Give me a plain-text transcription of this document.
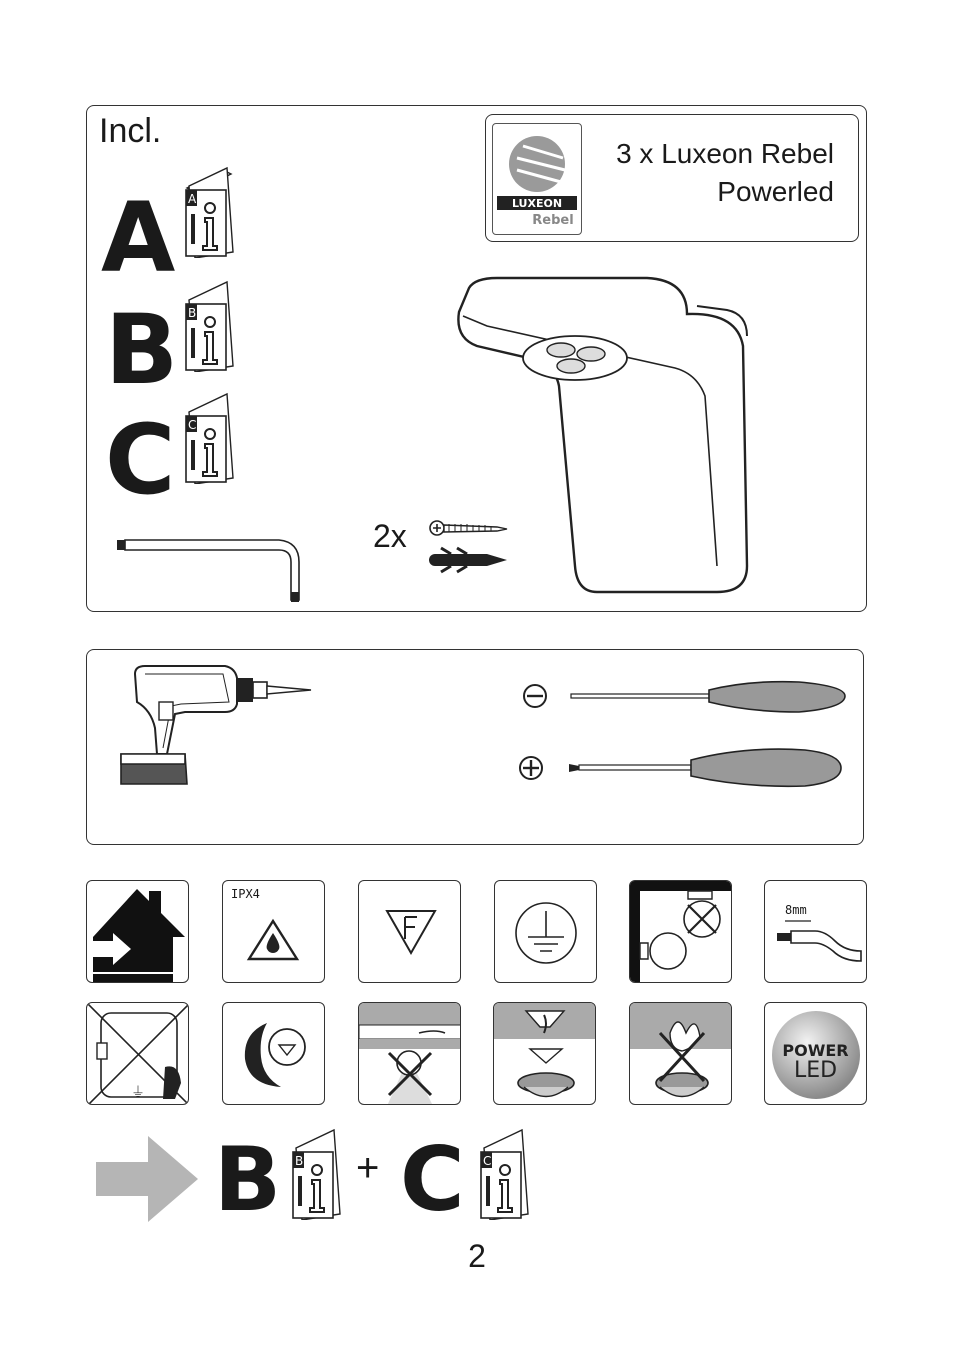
Incl.
A A
B B
C C
LUXEON
Rebel
3 x Luxeon Rebel
Powerled
2x
IPX4
8mm
⏚
POWER
LED
B B + C C
2
